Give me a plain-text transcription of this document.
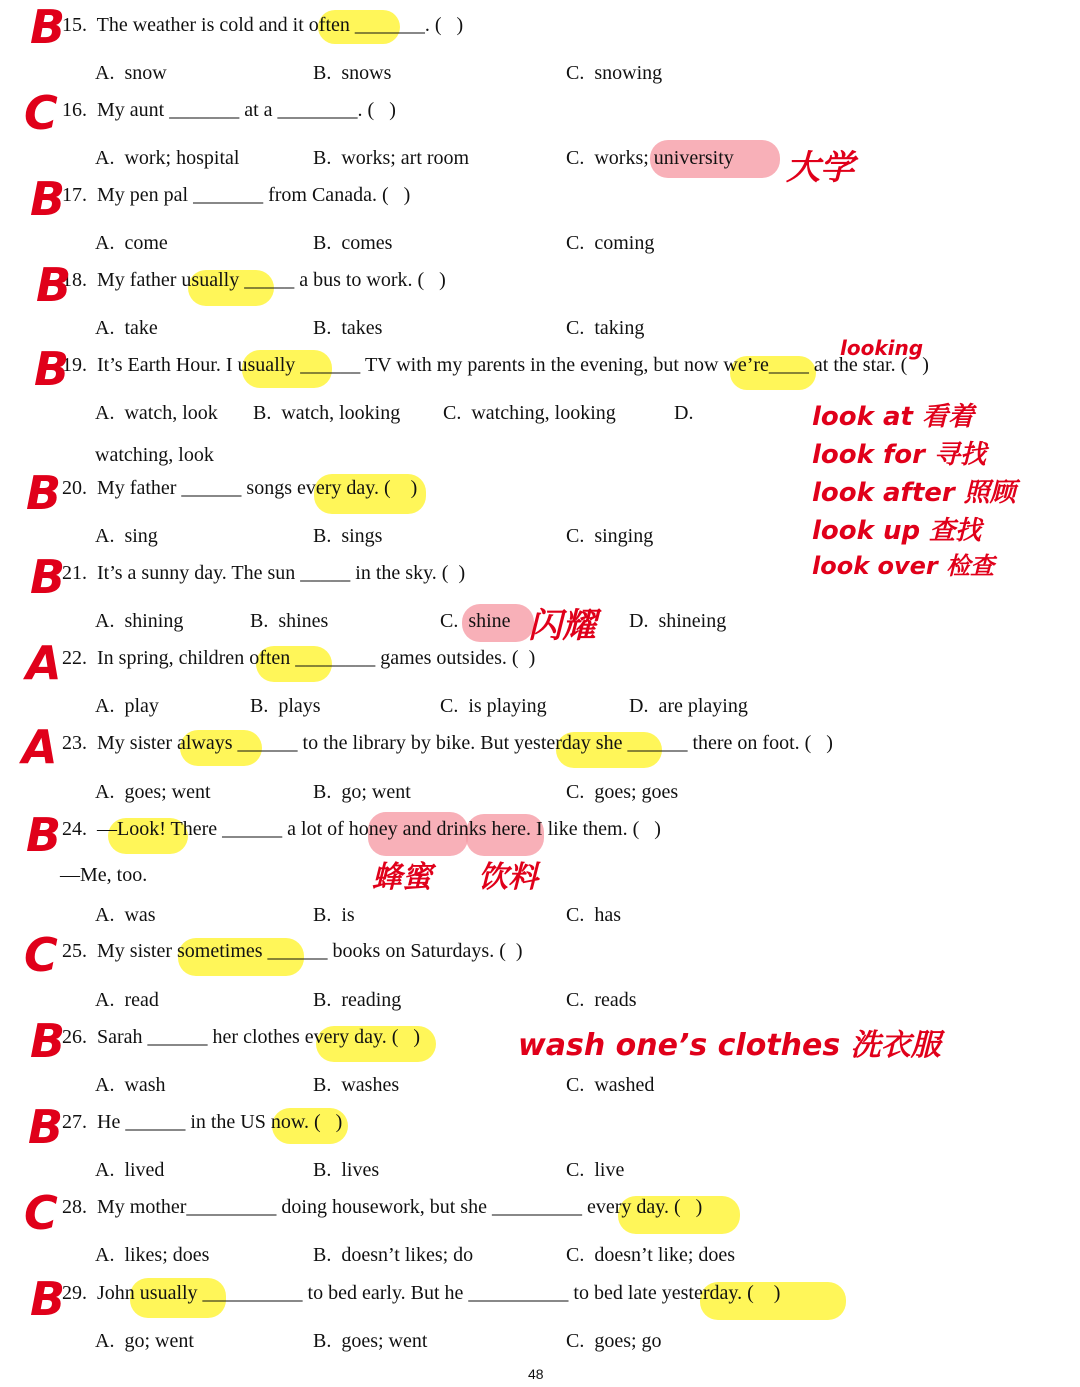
15.  The weather is cold and it often _______. (   )
A.  snow	B.  snows	C.  snowing
B
16.  My aunt _______ at a ________. (   )
A.  work; hospital	B.  works; art room	C.  works; university
C
17.  My pen pal _______ from Canada. (   )
A.  come	B.  comes	C.  coming
B
18.  My father usually _____ a bus to work. (   )
A.  take	B.  takes	C.  taking
B
19.  It’s Earth Hour. I usually ______ TV with my parents in the evening, but now we’re____ at the star. (   )
A.  watch, look B.  watch, looking C.  watching, looking	D.
watching, look
B
20.  My father ______ songs every day. (    )
A.  sing	B.  sings	C.  singing
B
21.  It’s a sunny day. The sun _____ in the sky. (  )
A.  shining	B.  shines	C.  shine	D.  shineing
B
22.  In spring, children often ________ games outsides. (  )
A.  play	B.  plays	C.  is playing	D.  are playing
A
23.  My sister always ______ to the library by bike. But yesterday she ______ there on foot. (   )
A.  goes; went	B.  go; went	C.  goes; goes
A
24.  —Look! There ______ a lot of honey and drinks here. I like them. (   )
—Me, too.
A.  was	B.  is	C.  has
B
25.  My sister sometimes ______ books on Saturdays. (  )
A.  read	B.  reading	C.  reads
C
26.  Sarah ______ her clothes every day. (   )
A.  wash	B.  washes	C.  washed
B
27.  He ______ in the US now. (   )
A.  lived	B.  lives	C.  live
B
28.  My mother_________ doing housework, but she _________ every day. (   )
A.  likes; does	B.  doesn’t likes; do	C.  doesn’t like; does
C
29.  John usually __________ to bed early. But he __________ to bed late yesterday. (    )
A.  go; went	B.  goes; went	C.  goes; go
B
大学
looking
look at 看着
look for 寻找
look after 照顾
look up 查找
look over 检查
闪耀
蜂蜜 饮料
wash one’s clothes 洗衣服
48
